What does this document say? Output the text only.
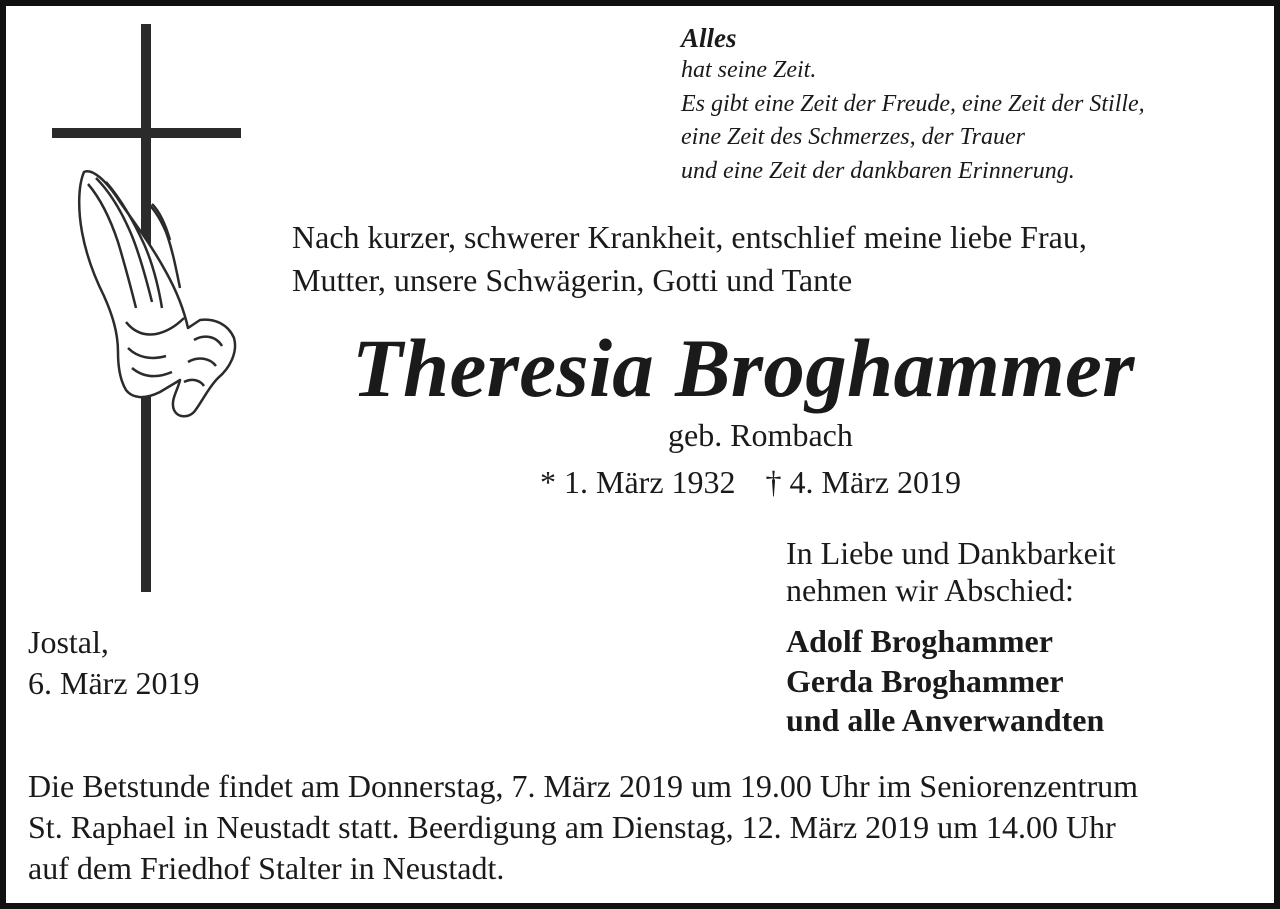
Alles
hat seine Zeit.
Es gibt eine Zeit der Freude, eine Zeit der Stille,
eine Zeit des Schmerzes, der Trauer
und eine Zeit der dankbaren Erinnerung.
Nach kurzer, schwerer Krankheit, entschlief meine liebe Frau,
Mutter, unsere Schwägerin, Gotti und Tante
Theresia Broghammer
geb. Rombach
* 1. März 1932 † 4. März 2019
In Liebe und Dankbarkeit
nehmen wir Abschied:
Jostal,
6. März 2019
Adolf Broghammer
Gerda Broghammer
und alle Anverwandten
Die Betstunde findet am Donnerstag, 7. März 2019 um 19.00 Uhr im Seniorenzentrum
St. Raphael in Neustadt statt. Beerdigung am Dienstag, 12. März 2019 um 14.00 Uhr
auf dem Friedhof Stalter in Neustadt.
